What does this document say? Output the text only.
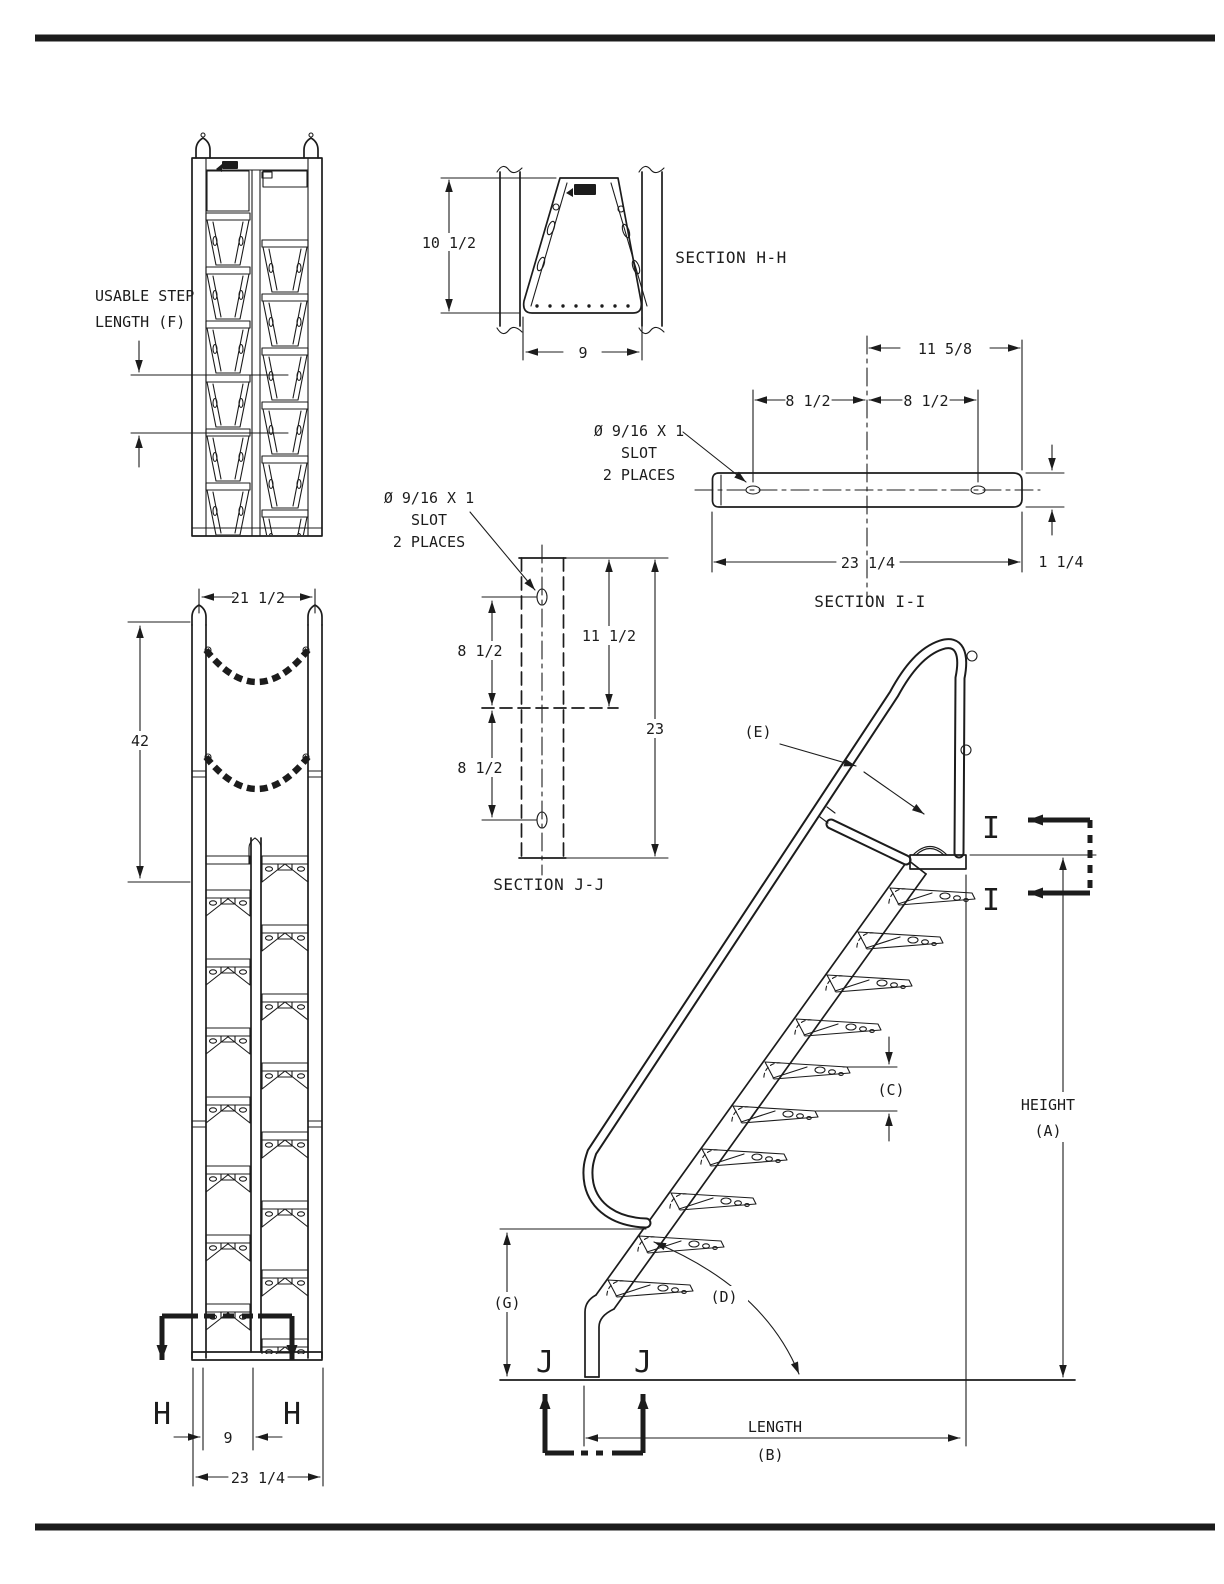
USABLE STEP
LENGTH (F)
10 1/2
9
SECTION H-H
11 5/8
8 1/2	8 1/2
23 1/4	1 1/4
Ø 9/16 X 1
SLOT
2 PLACES
SECTION I-I
8 1/2
8 1/2
11 1/2
23
Ø 9/16 X 1
SLOT
2 PLACES
SECTION J-J
H	H
21 1/2
42
9
23 1/4
(E)
(C)
(D)
(G)
HEIGHT
(A)
LENGTH
(B)
I
I
J	J
